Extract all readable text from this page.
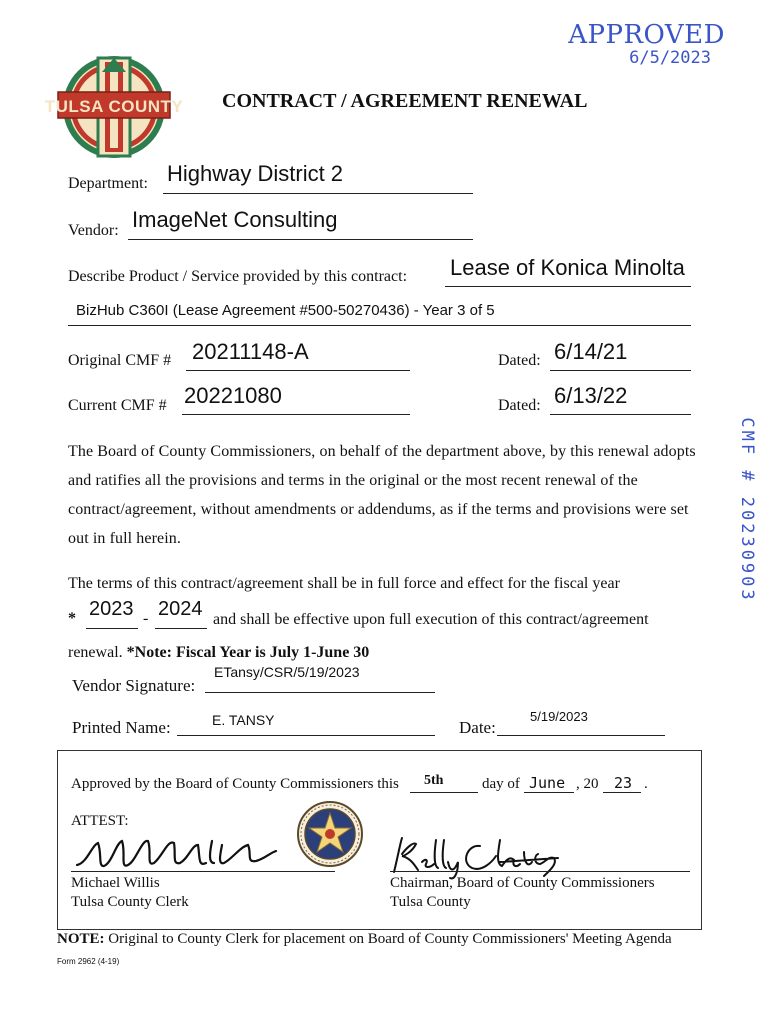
APPROVED
6/5/2023
TULSA COUNTY CONTRACT / AGREEMENT RENEWAL
Department: Highway District 2
Vendor: ImageNet Consulting
Describe Product / Service provided by this contract: Lease of Konica Minolta
BizHub C360I (Lease Agreement #500-50270436) - Year 3 of 5
Original CMF # 20211148-A	Dated: 6/14/21
Current CMF # 20221080	Dated: 6/13/22
CMF # 20230903
The Board of County Commissioners, on behalf of the department above, by this renewal adopts and ratifies all the provisions and terms in the original or the most recent renewal of the contract/agreement, without amendments or addendums, as if the terms and provisions were set out in full herein.
The terms of this contract/agreement shall be in full force and effect for the fiscal year
* 2023 - 2024 and shall be effective upon full execution of this contract/agreement
renewal. *Note: Fiscal Year is July 1-June 30
Vendor Signature:
ETansy/CSR/5/19/2023
Printed Name:	E. TANSY	Date:
5/19/2023
Approved by the Board of County Commissioners this 5th	day of June , 20 23 .
ATTEST:
Michael Willis
Tulsa County Clerk
Chairman, Board of County Commissioners
Tulsa County
NOTE: Original to County Clerk for placement on Board of County Commissioners' Meeting Agenda
Form 2962 (4-19)
